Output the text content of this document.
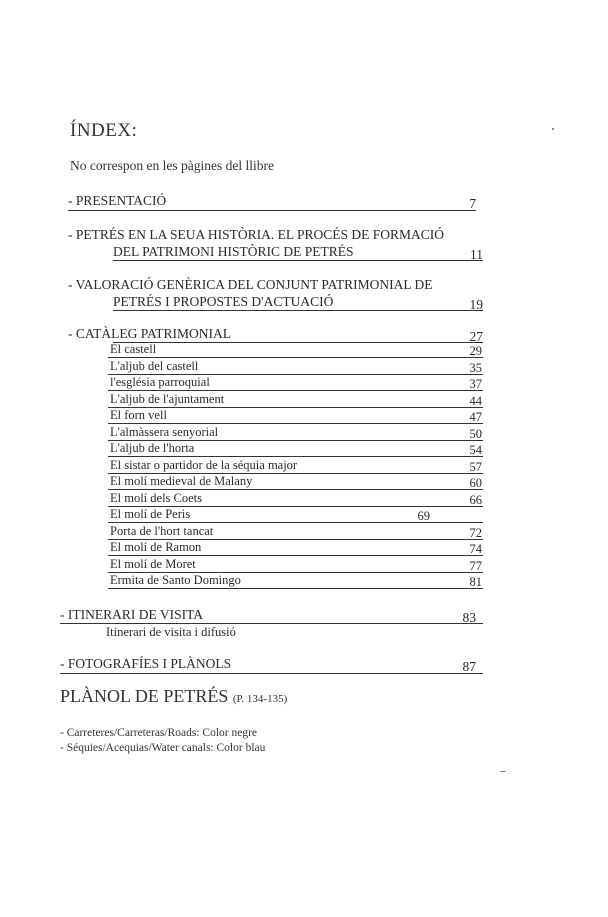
ÍNDEX:
No correspon en les pàgines del llibre
- PRESENTACIÓ	7
- PETRÉS EN LA SEUA HISTÒRIA. EL PROCÉS DE FORMACIÓ
DEL PATRIMONI HISTÒRIC DE PETRÉS	11
- VALORACIÓ GENÈRICA DEL CONJUNT PATRIMONIAL DE
PETRÉS I PROPOSTES D'ACTUACIÓ	19
- CATÀLEG PATRIMONIAL	27
El castell	29
L'aljub del castell	35
l'església parroquial	37
L'aljub de l'ajuntament	44
El forn vell	47
L'almàssera senyorial	50
L'aljub de l'horta	54
El sistar o partidor de la séquia major	57
El molí medieval de Malany	60
El molí dels Coets	66
El molí de Peris	69
Porta de l'hort tancat	72
El molí de Ramon	74
El molí de Moret	77
Ermita de Santo Domingo	81
- ITINERARI DE VISITA	83
Itinerari de visita i difusió
- FOTOGRAFÍES I PLÀNOLS	87
PLÀNOL DE PETRÉS (P. 134-135)
- Carreteres/Carreteras/Roads: Color negre
- Séquies/Acequias/Water canals: Color blau
